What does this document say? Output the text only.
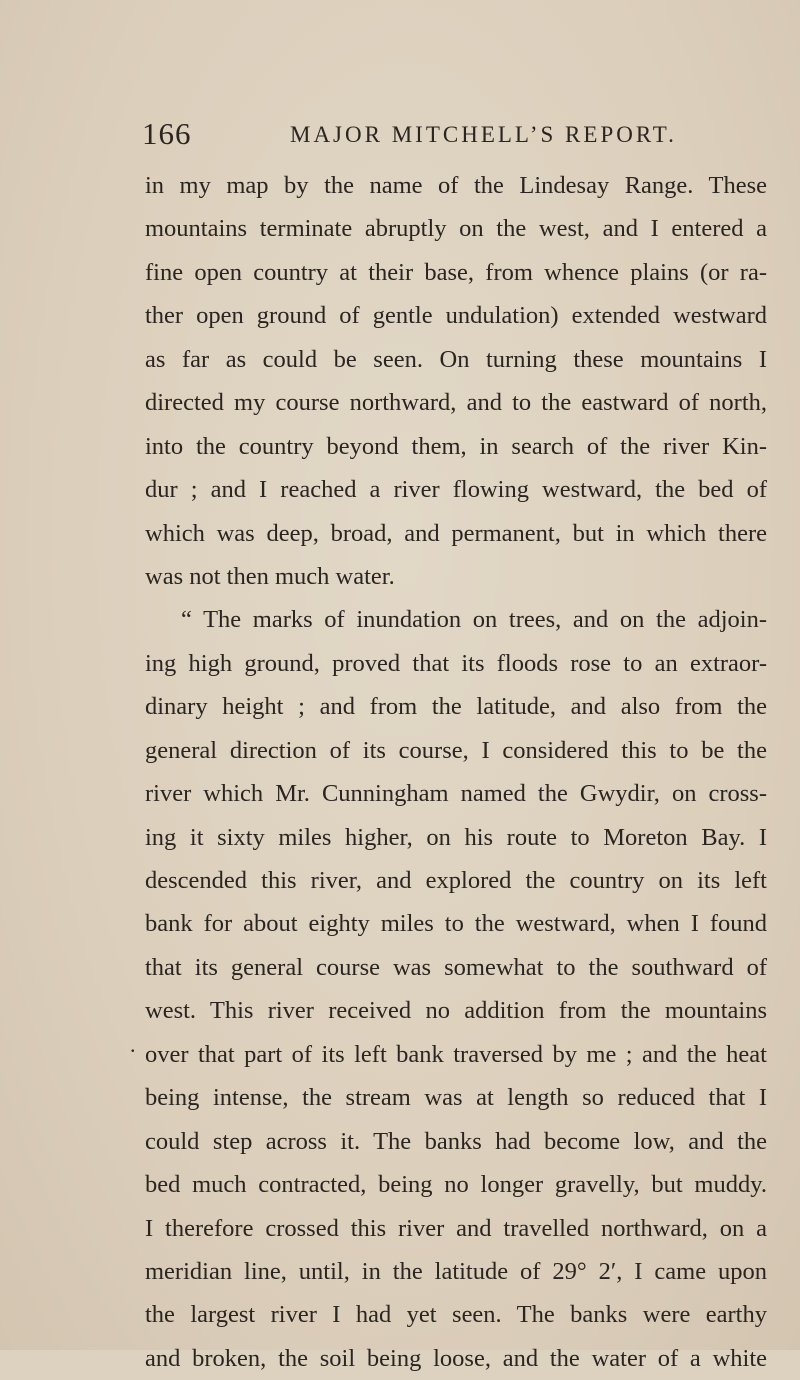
166	MAJOR MITCHELL’S REPORT.
.
in my map by the name of the Lindesay Range. These
mountains terminate abruptly on the west, and I entered a
fine open country at their base, from whence plains (or ra-
ther open ground of gentle undulation) extended westward
as far as could be seen. On turning these mountains I
directed my course northward, and to the eastward of north,
into the country beyond them, in search of the river Kin-
dur ; and I reached a river flowing westward, the bed of
which was deep, broad, and permanent, but in which there
was not then much water.
“ The marks of inundation on trees, and on the adjoin-
ing high ground, proved that its floods rose to an extraor-
dinary height ; and from the latitude, and also from the
general direction of its course, I considered this to be the
river which Mr. Cunningham named the Gwydir, on cross-
ing it sixty miles higher, on his route to Moreton Bay. I
descended this river, and explored the country on its left
bank for about eighty miles to the westward, when I found
that its general course was somewhat to the southward of
west. This river received no addition from the mountains
over that part of its left bank traversed by me ; and the heat
being intense, the stream was at length so reduced that I
could step across it. The banks had become low, and the
bed much contracted, being no longer gravelly, but muddy.
I therefore crossed this river and travelled northward, on a
meridian line, until, in the latitude of 29° 2′, I came upon
the largest river I had yet seen. The banks were earthy
and broken, the soil being loose, and the water of a white
